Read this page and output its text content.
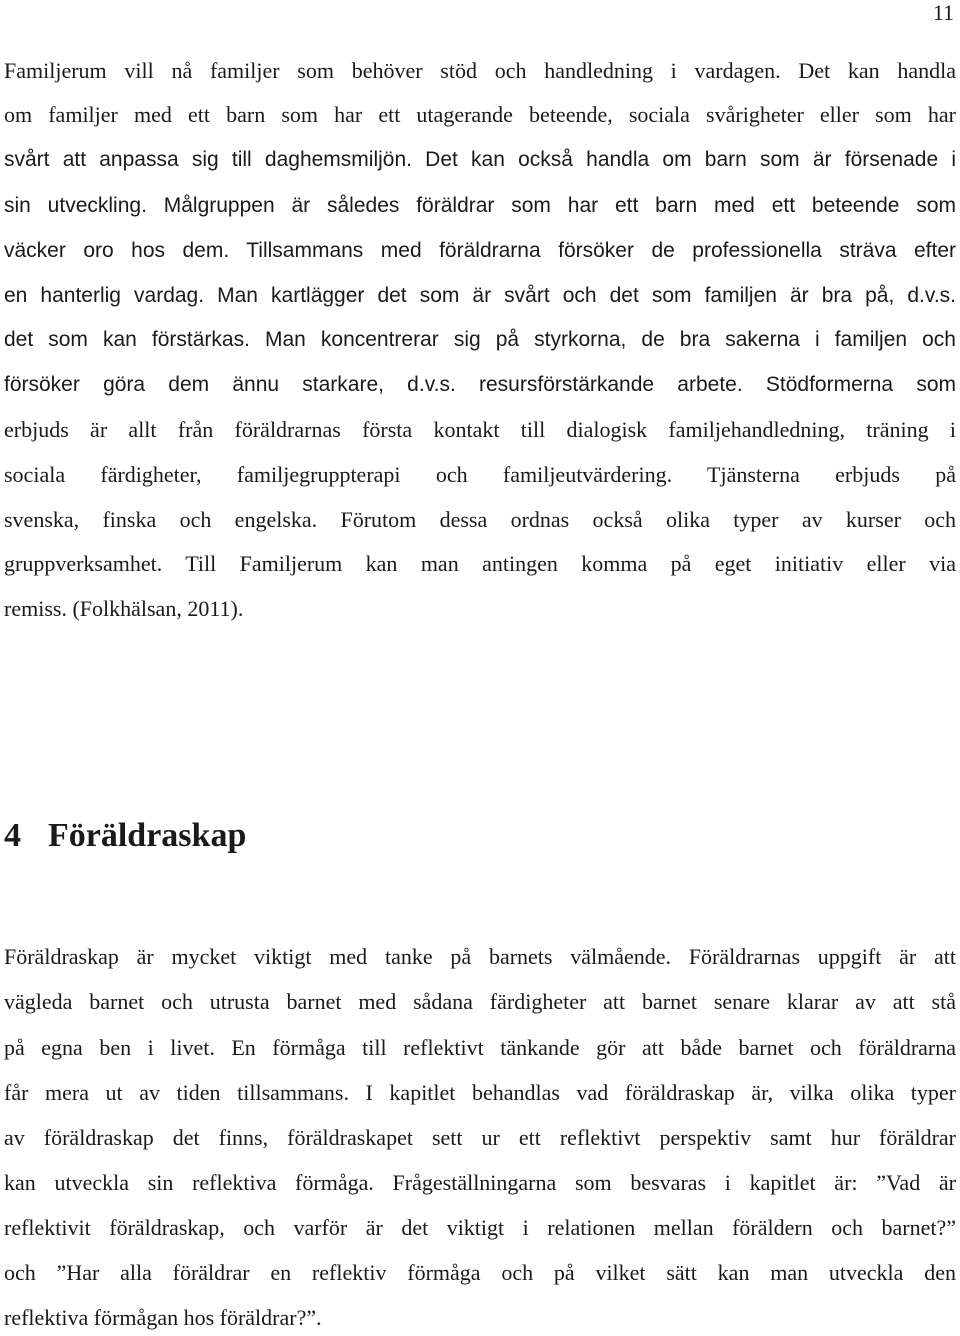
11
Familjerum vill nå familjer som behöver stöd och handledning i vardagen. Det kan handla
om familjer med ett barn som har ett utagerande beteende, sociala svårigheter eller som har
svårt att anpassa sig till daghemsmiljön. Det kan också handla om barn som är försenade i
sin utveckling. Målgruppen är således föräldrar som har ett barn med ett beteende som
väcker oro hos dem. Tillsammans med föräldrarna försöker de professionella sträva efter
en hanterlig vardag. Man kartlägger det som är svårt och det som familjen är bra på, d.v.s.
det som kan förstärkas. Man koncentrerar sig på styrkorna, de bra sakerna i familjen och
försöker göra dem ännu starkare, d.v.s. resursförstärkande arbete. Stödformerna som
erbjuds är allt från föräldrarnas första kontakt till dialogisk familjehandledning, träning i
sociala färdigheter, familjegruppterapi och familjeutvärdering. Tjänsterna erbjuds på
svenska, finska och engelska. Förutom dessa ordnas också olika typer av kurser och
gruppverksamhet. Till Familjerum kan man antingen komma på eget initiativ eller via
remiss. (Folkhälsan, 2011).
4 Föräldraskap
Föräldraskap är mycket viktigt med tanke på barnets välmående. Föräldrarnas uppgift är att
vägleda barnet och utrusta barnet med sådana färdigheter att barnet senare klarar av att stå
på egna ben i livet. En förmåga till reflektivt tänkande gör att både barnet och föräldrarna
får mera ut av tiden tillsammans. I kapitlet behandlas vad föräldraskap är, vilka olika typer
av föräldraskap det finns, föräldraskapet sett ur ett reflektivt perspektiv samt hur föräldrar
kan utveckla sin reflektiva förmåga. Frågeställningarna som besvaras i kapitlet är: ”Vad är
reflektivit föräldraskap, och varför är det viktigt i relationen mellan föräldern och barnet?”
och ”Har alla föräldrar en reflektiv förmåga och på vilket sätt kan man utveckla den
reflektiva förmågan hos föräldrar?”.
